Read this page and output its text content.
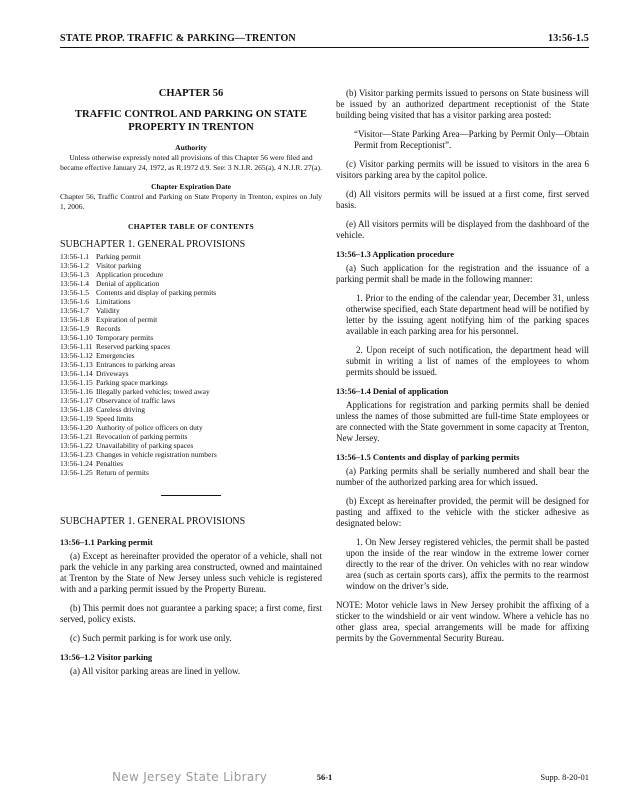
STATE PROP. TRAFFIC & PARKING—TRENTON	13:56-1.5
CHAPTER 56
TRAFFIC CONTROL AND PARKING ON STATE PROPERTY IN TRENTON
Authority
Unless otherwise expressly noted all provisions of this Chapter 56 were filed and became effective January 24, 1972, as R.1972 d.9. See: 3 N.J.R. 265(a), 4 N.J.R. 27(a).
Chapter Expiration Date
Chapter 56, Traffic Control and Parking on State Property in Trenton, expires on July 1, 2006.
CHAPTER TABLE OF CONTENTS
SUBCHAPTER 1. GENERAL PROVISIONS
13:56-1.1 Parking permit
13:56-1.2 Visitor parking
13:56-1.3 Application procedure
13:56-1.4 Denial of application
13:56-1.5 Contents and display of parking permits
13:56-1.6 Limitations
13:56-1.7 Validity
13:56-1.8 Expiration of permit
13:56-1.9 Records
13:56-1.10 Temporary permits
13:56-1.11 Reserved parking spaces
13:56-1.12 Emergencies
13:56-1.13 Entrances to parking areas
13:56-1.14 Driveways
13:56-1.15 Parking space markings
13:56-1.16 Illegally parked vehicles; towed away
13:56-1.17 Observance of traffic laws
13:56-1.18 Careless driving
13:56-1.19 Speed limits
13:56-1.20 Authority of police officers on duty
13:56-1.21 Revocation of parking permits
13:56-1.22 Unavailability of parking spaces
13:56-1.23 Changes in vehicle registration numbers
13:56-1.24 Penalties
13:56-1.25 Return of permits
SUBCHAPTER 1. GENERAL PROVISIONS
13:56–1.1 Parking permit

(a) Except as hereinafter provided the operator of a vehicle, shall not park the vehicle in any parking area constructed, owned and maintained at Trenton by the State of New Jersey unless such vehicle is registered with and a parking permit issued by the Property Bureau.

(b) This permit does not guarantee a parking space; a first come, first served, policy exists.

(c) Such permit parking is for work use only.

13:56–1.2 Visitor parking

(a) All visitor parking areas are lined in yellow.

(b) Visitor parking permits issued to persons on State business will be issued by an authorized department receptionist of the State building being visited that has a visitor parking area posted:

“Visitor—State Parking Area—Parking by Permit Only—Obtain Permit from Receptionist”.

(c) Visitor parking permits will be issued to visitors in the area 6 visitors parking area by the capitol police.

(d) All visitors permits will be issued at a first come, first served basis.

(e) All visitors permits will be displayed from the dashboard of the vehicle.

13:56–1.3 Application procedure

(a) Such application for the registration and the issuance of a parking permit shall be made in the following manner:

1. Prior to the ending of the calendar year, December 31, unless otherwise specified, each State department head will be notified by letter by the issuing agent notifying him of the parking spaces available in each parking area for his personnel.

2. Upon receipt of such notification, the department head will submit in writing a list of names of the employees to whom permits should be issued.

13:56–1.4 Denial of application

Applications for registration and parking permits shall be denied unless the names of those submitted are full-time State employees or are connected with the State government in some capacity at Trenton, New Jersey.

13:56–1.5 Contents and display of parking permits

(a) Parking permits shall be serially numbered and shall bear the number of the authorized parking area for which issued.

(b) Except as hereinafter provided, the permit will be designed for pasting and affixed to the vehicle with the sticker adhesive as designated below:

1. On New Jersey registered vehicles, the permit shall be pasted upon the inside of the rear window in the extreme lower corner directly to the rear of the driver. On vehicles with no rear window area (such as certain sports cars), affix the permits to the rearmost window on the driver’s side.

NOTE: Motor vehicle laws in New Jersey prohibit the affixing of a sticker to the windshield or air vent window. Where a vehicle has no other glass area, special arrangements will be made for affixing permits by the Governmental Security Bureau.

New Jersey State Library	56-1	Supp. 8-20-01
